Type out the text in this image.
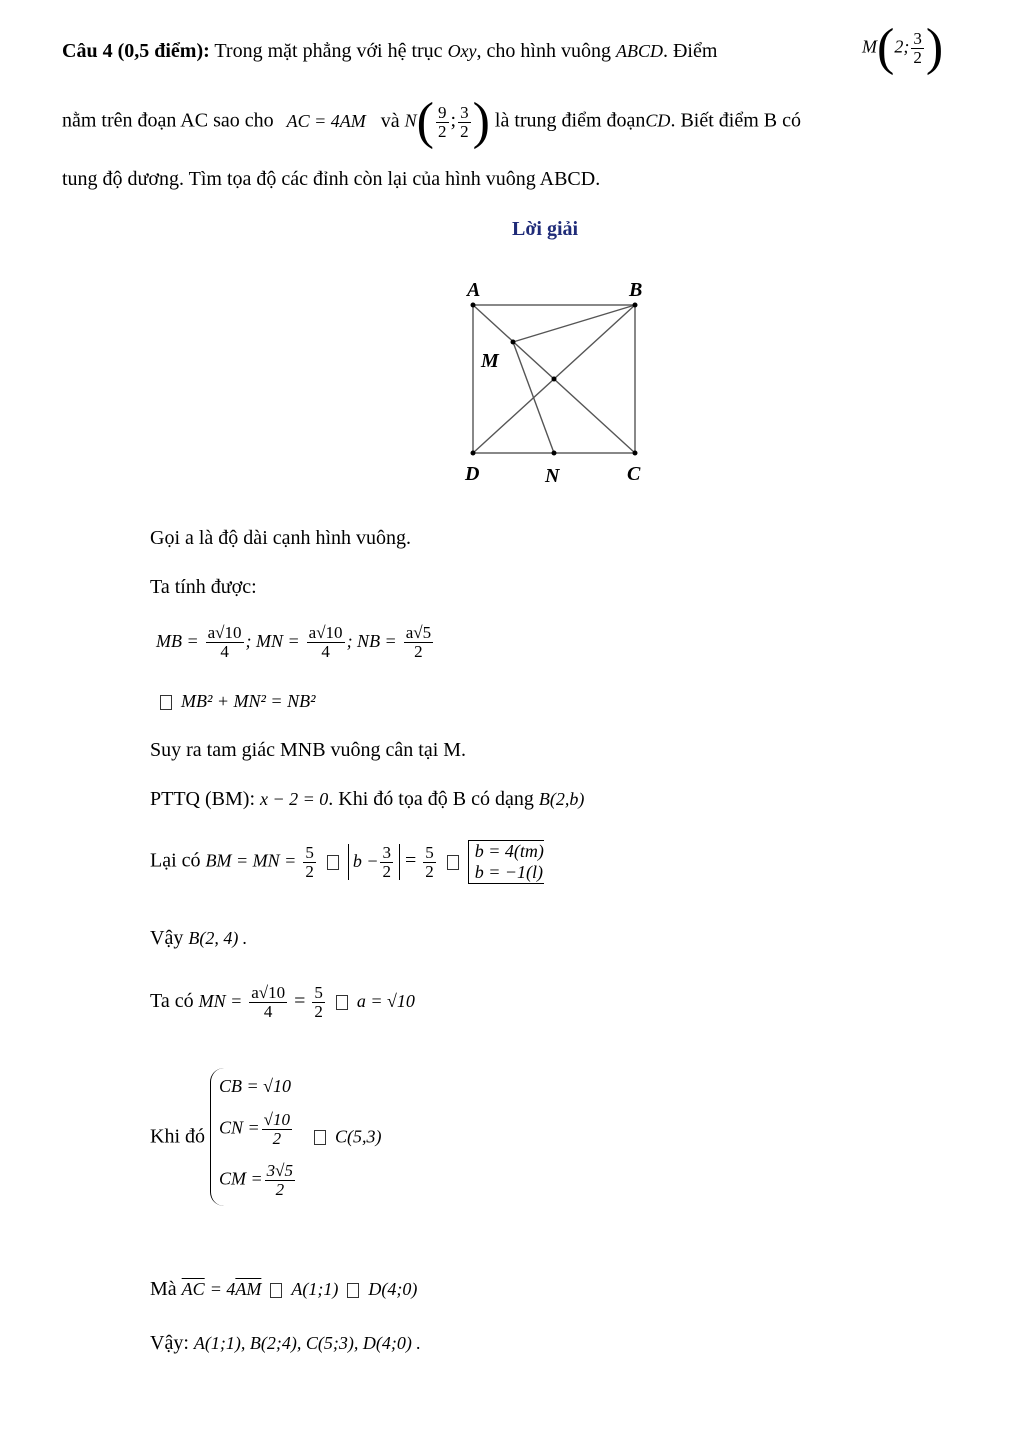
Câu 4 (0,5 điểm): Trong mặt phẳng với hệ trục Oxy, cho hình vuông ABCD. Điểm	M(2; $\frac{3}{2}$ )
nằm trên đoạn AC sao cho AC = 4AM và $N( \frac{9}{2}$ ; $\frac{3}{2}$ ) là trung điểm đoạnCD. Biết điểm B có
tung độ dương. Tìm tọa độ các đỉnh còn lại của hình vuông ABCD.
Lời giải
A	B
M
D	N	C
Gọi a là độ dài cạnh hình vuông.
Ta tính được:
MB = $\frac{a√10}{4}$ ; MN = $\frac{a√10}{4}$ ; NB = $\frac{a√5}{2}$
MB² + MN² = NB²
Suy ra tam giác MNB vuông cân tại M.
PTTQ (BM): x − 2 = 0. Khi đó tọa độ B có dạng B(2,b)
Lại có BM = MN = $\frac{5}{2}$ $b - \frac{3}{2} = \frac{5}{2}$
b = 4(tm)
b = −1(l)
Vậy B(2, 4) .
Ta có MN = $\frac{a√10}{4} = \frac{5}{2}$ a = √10
Khi đó
CB = √10
CN = $\frac{√10}{2}$
CM = $\frac{3√5}{2}$
C(5,3)
Mà $\overline{AC} = 4\overline{AM}$ A(1;1) D(4;0)
Vậy: A(1;1), B(2;4), C(5;3), D(4;0) .
